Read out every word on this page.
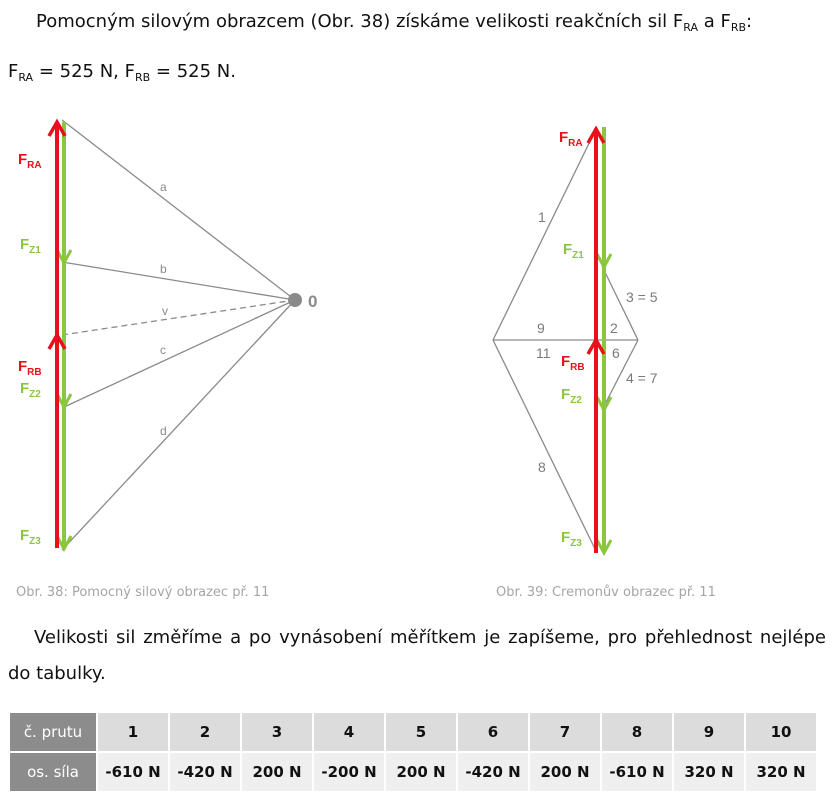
Pomocným silovým obrazcem (Obr. 38) získáme velikosti reakčních sil $F_{RA}$ a $F_{RB}$:
$F_{RA} = 525$ N, $F_{RB} = 525$ N.
0
a
b
v
c
d
$F_{RA}$
$F_{Z1}$
$F_{RB}$
$F_{Z2}$
$F_{Z3}$
1
3 = 5
9	2
11	6
4 = 7
8
$F_{RA}$
$F_{Z1}$
$F_{RB}$
$F_{Z2}$
$F_{Z3}$
Obr. 38: Pomocný silový obrazec př. 11	Obr. 39: Cremonův obrazec př. 11
Velikosti sil změříme a po vynásobení měřítkem je zapíšeme, pro přehlednost nejlépe do tabulky.
č. prutu	1	2	3	4	5	6	7	8	9	10
os. síla	-610 N	-420 N	200 N	-200 N	200 N	-420 N	200 N	-610 N	320 N	320 N
